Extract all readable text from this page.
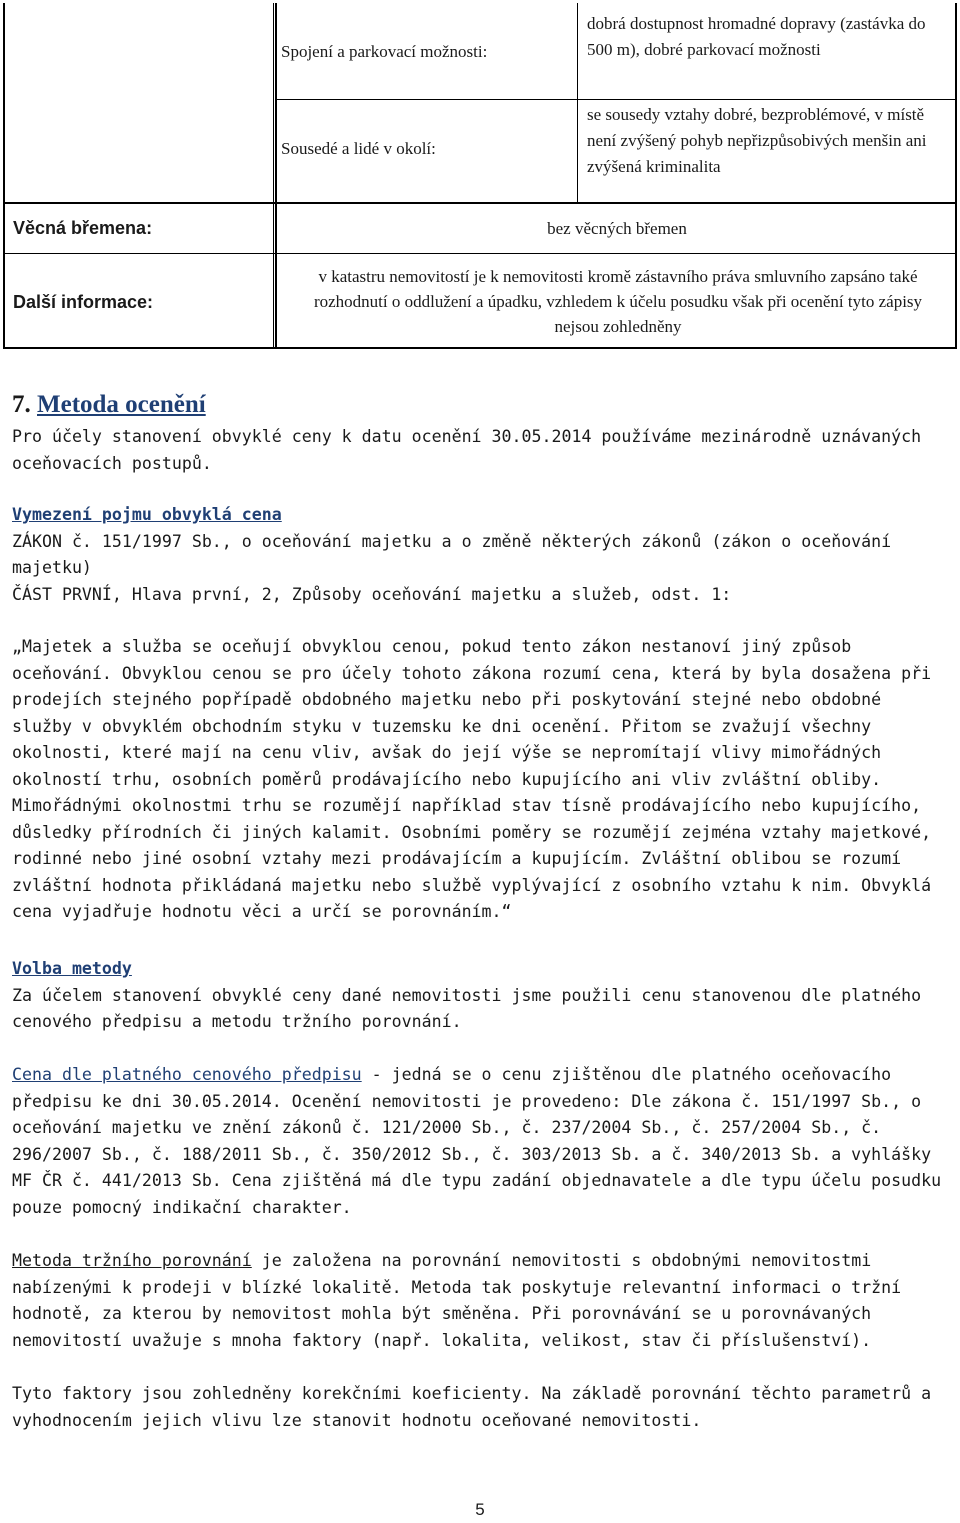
Spojení a parkovací možnosti:
dobrá dostupnost hromadné dopravy (zastávka do 500 m), dobré parkovací možnosti
Sousedé a lidé v okolí:
se sousedy vztahy dobré, bezproblémové, v místě není zvýšený pohyb nepřizpůsobivých menšin ani zvýšená kriminalita
Věcná břemena:	bez věcných břemen
Další informace:
v katastru nemovitostí je k nemovitosti kromě zástavního práva smluvního zapsáno také rozhodnutí o oddlužení a úpadku, vzhledem k účelu posudku však při ocenění tyto zápisy nejsou zohledněny
7. Metoda ocenění
Pro účely stanovení obvyklé ceny k datu ocenění 30.05.2014 používáme mezinárodně uznávaných oceňovacích postupů.
Vymezení pojmu obvyklá cena
ZÁKON č. 151/1997 Sb., o oceňování majetku a o změně některých zákonů (zákon o oceňování majetku)
ČÁST PRVNÍ, Hlava první, 2, Způsoby oceňování majetku a služeb, odst. 1:
„Majetek a služba se oceňují obvyklou cenou, pokud tento zákon nestanoví jiný způsob oceňování. Obvyklou cenou se pro účely tohoto zákona rozumí cena, která by byla dosažena při prodejích stejného popřípadě obdobného majetku nebo při poskytování stejné nebo obdobné služby v obvyklém obchodním styku v tuzemsku ke dni ocenění. Přitom se zvažují všechny okolnosti, které mají na cenu vliv, avšak do její výše se nepromítají vlivy mimořádných okolností trhu, osobních poměrů prodávajícího nebo kupujícího ani vliv zvláštní obliby. Mimořádnými okolnostmi trhu se rozumějí například stav tísně prodávajícího nebo kupujícího, důsledky přírodních či jiných kalamit. Osobními poměry se rozumějí zejména vztahy majetkové, rodinné nebo jiné osobní vztahy mezi prodávajícím a kupujícím. Zvláštní oblibou se rozumí zvláštní hodnota přikládaná majetku nebo službě vyplývající z osobního vztahu k nim. Obvyklá cena vyjadřuje hodnotu věci a určí se porovnáním.“
Volba metody
Za účelem stanovení obvyklé ceny dané nemovitosti jsme použili cenu stanovenou dle platného cenového předpisu a metodu tržního porovnání.
Cena dle platného cenového předpisu - jedná se o cenu zjištěnou dle platného oceňovacího předpisu ke dni 30.05.2014. Ocenění nemovitosti je provedeno: Dle zákona č. 151/1997 Sb., o oceňování majetku ve znění zákonů č. 121/2000 Sb., č. 237/2004 Sb., č. 257/2004 Sb., č. 296/2007 Sb., č. 188/2011 Sb., č. 350/2012 Sb., č. 303/2013 Sb. a č. 340/2013 Sb. a vyhlášky MF ČR č. 441/2013 Sb. Cena zjištěná má dle typu zadání objednavatele a dle typu účelu posudku pouze pomocný indikační charakter.
Metoda tržního porovnání je založena na porovnání nemovitosti s obdobnými nemovitostmi nabízenými k prodeji v blízké lokalitě. Metoda tak poskytuje relevantní informaci o tržní hodnotě, za kterou by nemovitost mohla být směněna. Při porovnávání se u porovnávaných nemovitostí uvažuje s mnoha faktory (např. lokalita, velikost, stav či příslušenství).
Tyto faktory jsou zohledněny korekčními koeficienty. Na základě porovnání těchto parametrů a vyhodnocením jejich vlivu lze stanovit hodnotu oceňované nemovitosti.
5
